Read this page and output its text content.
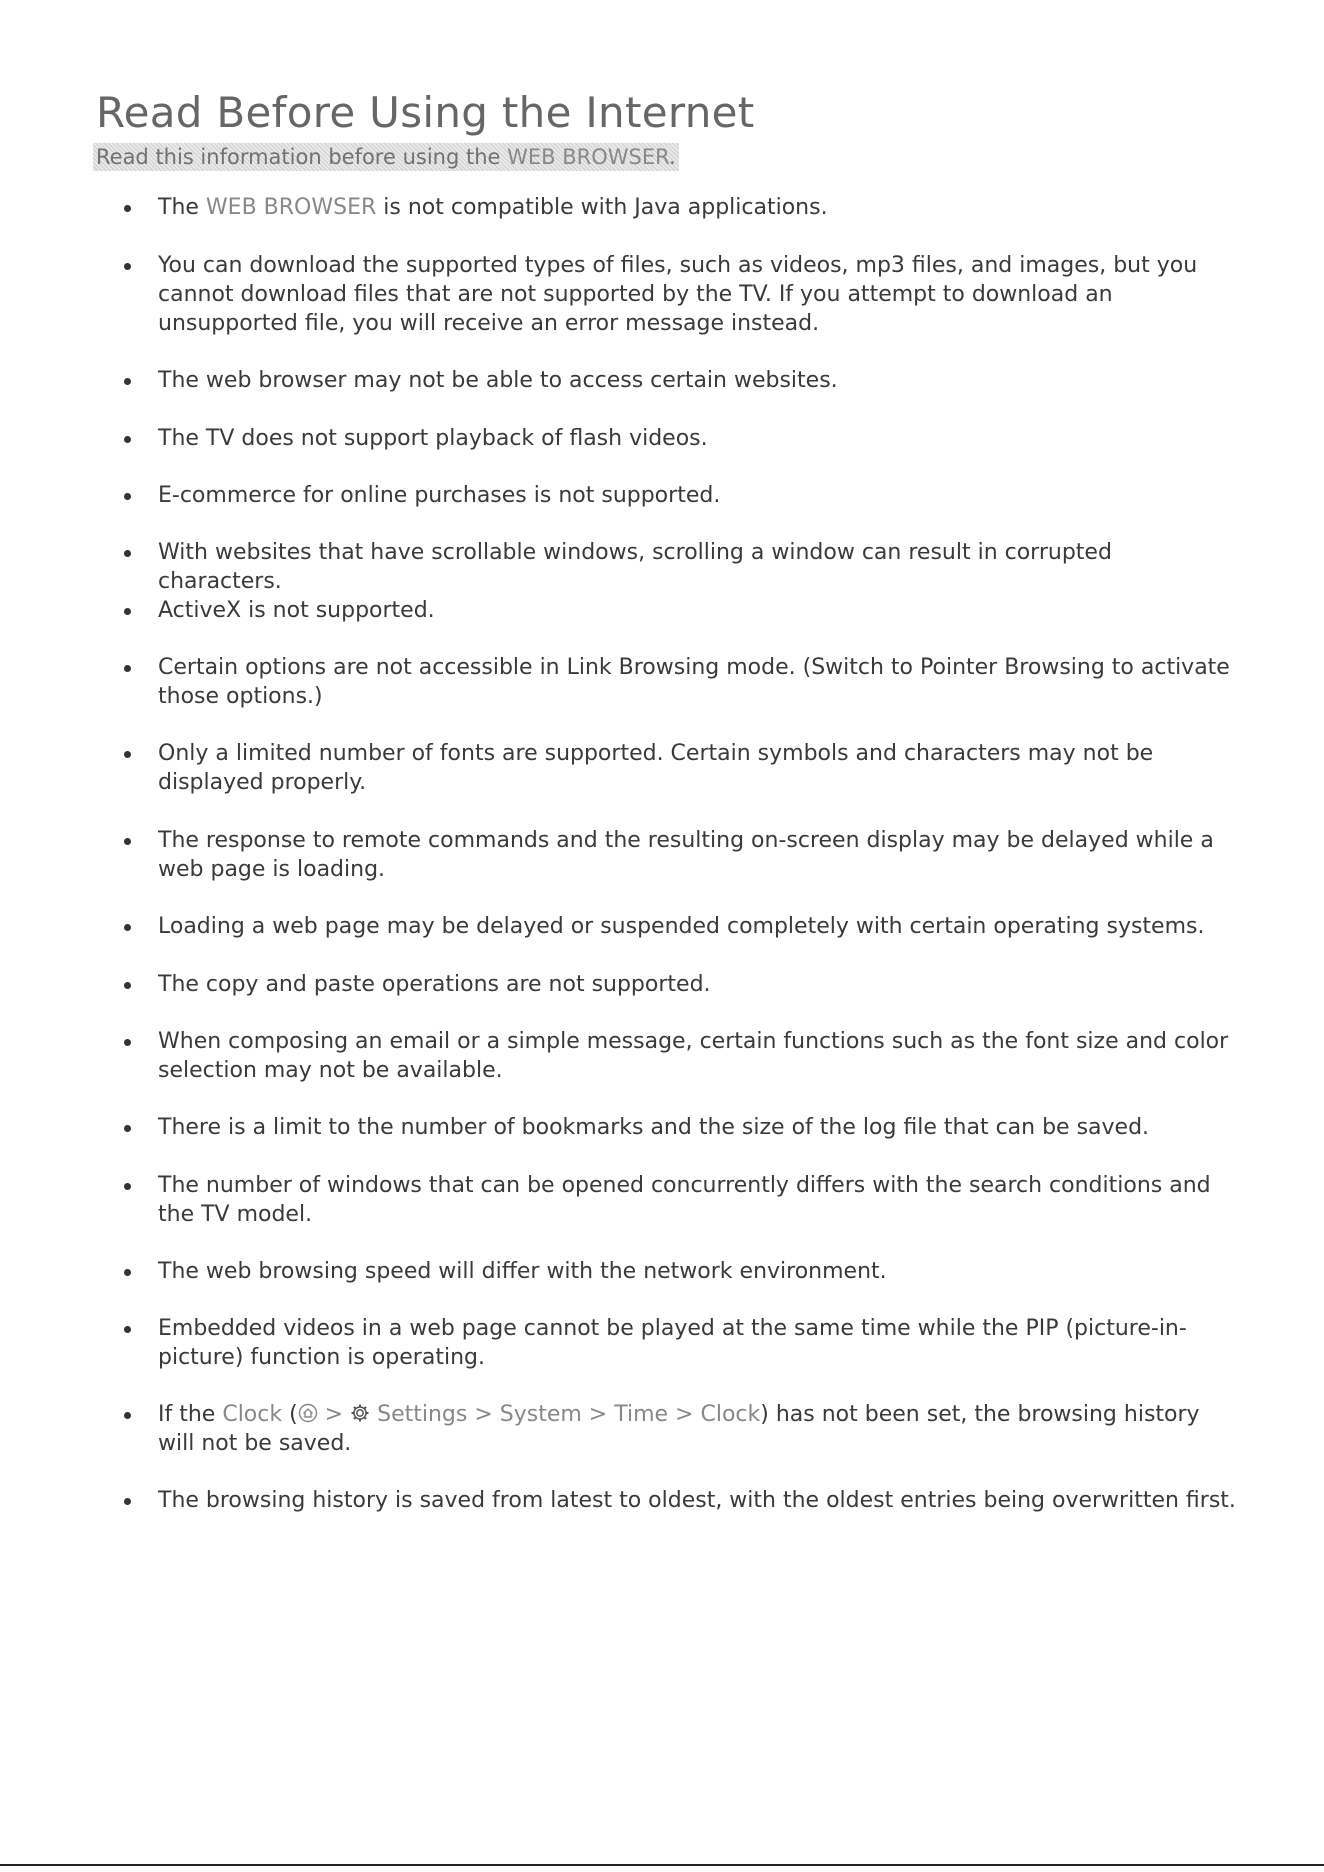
Read Before Using the Internet
Read this information before using the WEB BROWSER.
The WEB BROWSER is not compatible with Java applications.
You can download the supported types of files, such as videos, mp3 files, and images, but you cannot download files that are not supported by the TV. If you attempt to download an unsupported file, you will receive an error message instead.
The web browser may not be able to access certain websites.
The TV does not support playback of flash videos.
E-commerce for online purchases is not supported.
With websites that have scrollable windows, scrolling a window can result in corrupted characters.
ActiveX is not supported.
Certain options are not accessible in Link Browsing mode. (Switch to Pointer Browsing to activate those options.)
Only a limited number of fonts are supported. Certain symbols and characters may not be displayed properly.
The response to remote commands and the resulting on-screen display may be delayed while a web page is loading.
Loading a web page may be delayed or suspended completely with certain operating systems.
The copy and paste operations are not supported.
When composing an email or a simple message, certain functions such as the font size and color selection may not be available.
There is a limit to the number of bookmarks and the size of the log file that can be saved.
The number of windows that can be opened concurrently differs with the search conditions and the TV model.
The web browsing speed will differ with the network environment.
Embedded videos in a web page cannot be played at the same time while the PIP (picture-in-picture) function is operating.
If the Clock ( >  Settings > System > Time > Clock) has not been set, the browsing history will not be saved.
The browsing history is saved from latest to oldest, with the oldest entries being overwritten first.
